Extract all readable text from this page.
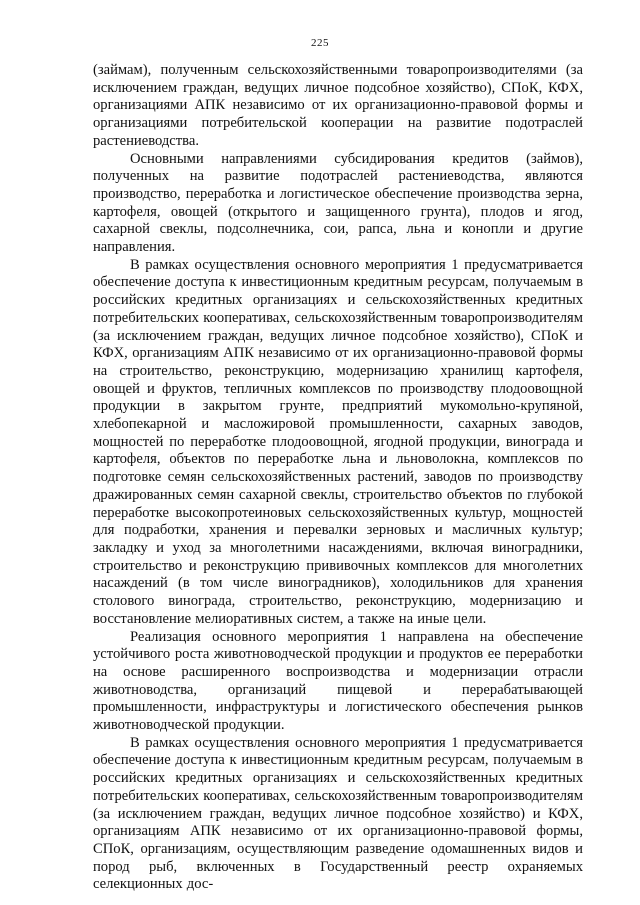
225

(займам), полученным сельскохозяйственными товаропроизводителями (за исключением граждан, ведущих личное подсобное хозяйство), СПоК, КФХ, организациями АПК независимо от их организационно-правовой формы и организациями потребительской кооперации на развитие подотраслей растениеводства.

Основными направлениями субсидирования кредитов (займов), полученных на развитие подотраслей растениеводства, являются производство, переработка и логистическое обеспечение производства зерна, картофеля, овощей (открытого и защищенного грунта), плодов и ягод, сахарной свеклы, подсолнечника, сои, рапса, льна и конопли и другие направления.

В рамках осуществления основного мероприятия 1 предусматривается обеспечение доступа к инвестиционным кредитным ресурсам, получаемым в российских кредитных организациях и сельскохозяйственных кредитных потребительских кооперативах, сельскохозяйственным товаропроизводителям (за исключением граждан, ведущих личное подсобное хозяйство), СПоК и КФХ, организациям АПК независимо от их организационно-правовой формы на строительство, реконструкцию, модернизацию хранилищ картофеля, овощей и фруктов, тепличных комплексов по производству плодоовощной продукции в закрытом грунте, предприятий мукомольно-крупяной, хлебопекарной и масложировой промышленности, сахарных заводов, мощностей по переработке плодоовощной, ягодной продукции, винограда и картофеля, объектов по переработке льна и льноволокна, комплексов по подготовке семян сельскохозяйственных растений, заводов по производству дражированных семян сахарной свеклы, строительство объектов по глубокой переработке высокопротеиновых сельскохозяйственных культур, мощностей для подработки, хранения и перевалки зерновых и масличных культур; закладку и уход за многолетними насаждениями, включая виноградники, строительство и реконструкцию прививочных комплексов для многолетних насаждений (в том числе виноградников), холодильников для хранения столового винограда, строительство, реконструкцию, модернизацию и восстановление мелиоративных систем, а также на иные цели.

Реализация основного мероприятия 1 направлена на обеспечение устойчивого роста животноводческой продукции и продуктов ее переработки на основе расширенного воспроизводства и модернизации отрасли животноводства, организаций пищевой и перерабатывающей промышленности, инфраструктуры и логистического обеспечения рынков животноводческой продукции.

В рамках осуществления основного мероприятия 1 предусматривается обеспечение доступа к инвестиционным кредитным ресурсам, получаемым в российских кредитных организациях и сельскохозяйственных кредитных потребительских кооперативах, сельскохозяйственным товаропроизводителям (за исключением граждан, ведущих личное подсобное хозяйство) и КФХ, организациям АПК независимо от их организационно-правовой формы, СПоК, организациям, осуществляющим разведение одомашненных видов и пород рыб, включенных в Государственный реестр охраняемых селекционных дос-
